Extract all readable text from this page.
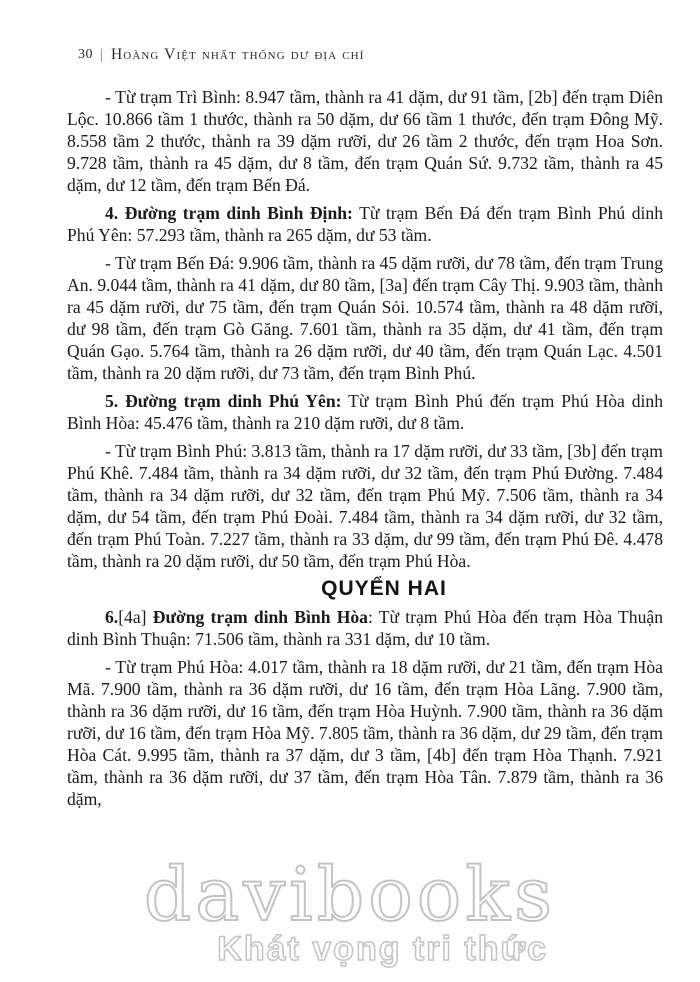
30 Hoàng Việt nhất thống dư địa chí

- Từ trạm Trì Bình: 8.947 tầm, thành ra 41 dặm, dư 91 tầm, [2b] đến trạm Diên Lộc. 10.866 tầm 1 thước, thành ra 50 dặm, dư 66 tầm 1 thước, đến trạm Đông Mỹ. 8.558 tầm 2 thước, thành ra 39 dặm rưỡi, dư 26 tầm 2 thước, đến trạm Hoa Sơn. 9.728 tầm, thành ra 45 dặm, dư 8 tầm, đến trạm Quán Sứ. 9.732 tầm, thành ra 45 dặm, dư 12 tầm, đến trạm Bến Đá.

4. Đường trạm dinh Bình Định: Từ trạm Bến Đá đến trạm Bình Phú dinh Phú Yên: 57.293 tầm, thành ra 265 dặm, dư 53 tầm.

- Từ trạm Bến Đá: 9.906 tầm, thành ra 45 dặm rưỡi, dư 78 tầm, đến trạm Trung An. 9.044 tầm, thành ra 41 dặm, dư 80 tầm, [3a] đến trạm Cây Thị. 9.903 tầm, thành ra 45 dặm rưỡi, dư 75 tầm, đến trạm Quán Sỏi. 10.574 tầm, thành ra 48 dặm rưỡi, dư 98 tầm, đến trạm Gò Găng. 7.601 tầm, thành ra 35 dặm, dư 41 tầm, đến trạm Quán Gạo. 5.764 tầm, thành ra 26 dặm rưỡi, dư 40 tầm, đến trạm Quán Lạc. 4.501 tầm, thành ra 20 dặm rưỡi, dư 73 tầm, đến trạm Bình Phú.

5. Đường trạm dinh Phú Yên: Từ trạm Bình Phú đến trạm Phú Hòa dinh Bình Hòa: 45.476 tầm, thành ra 210 dặm rưỡi, dư 8 tầm.

- Từ trạm Bình Phú: 3.813 tầm, thành ra 17 dặm rưỡi, dư 33 tầm, [3b] đến trạm Phú Khê. 7.484 tầm, thành ra 34 dặm rưỡi, dư 32 tầm, đến trạm Phú Đường. 7.484 tầm, thành ra 34 dặm rưỡi, dư 32 tầm, đến trạm Phú Mỹ. 7.506 tầm, thành ra 34 dặm, dư 54 tầm, đến trạm Phú Đoài. 7.484 tầm, thành ra 34 dặm rưỡi, dư 32 tầm, đến trạm Phú Toàn. 7.227 tầm, thành ra 33 dặm, dư 99 tầm, đến trạm Phú Đê. 4.478 tầm, thành ra 20 dặm rưỡi, dư 50 tầm, đến trạm Phú Hòa.

QUYỂN HAI

6.[4a] Đường trạm dinh Bình Hòa: Từ trạm Phú Hòa đến trạm Hòa Thuận dinh Bình Thuận: 71.506 tầm, thành ra 331 dặm, dư 10 tầm.

- Từ trạm Phú Hòa: 4.017 tầm, thành ra 18 dặm rưỡi, dư 21 tầm, đến trạm Hòa Mã. 7.900 tầm, thành ra 36 dặm rưỡi, dư 16 tầm, đến trạm Hòa Lãng. 7.900 tầm, thành ra 36 dặm rưỡi, dư 16 tầm, đến trạm Hòa Huỳnh. 7.900 tầm, thành ra 36 dặm rưỡi, dư 16 tầm, đến trạm Hòa Mỹ. 7.805 tầm, thành ra 36 dặm, dư 29 tầm, đến trạm Hòa Cát. 9.995 tầm, thành ra 37 dặm, dư 3 tầm, [4b] đến trạm Hòa Thạnh. 7.921 tầm, thành ra 36 dặm rưỡi, dư 37 tầm, đến trạm Hòa Tân. 7.879 tầm, thành ra 36 dặm,

davibooks
Khát vọng tri thức
